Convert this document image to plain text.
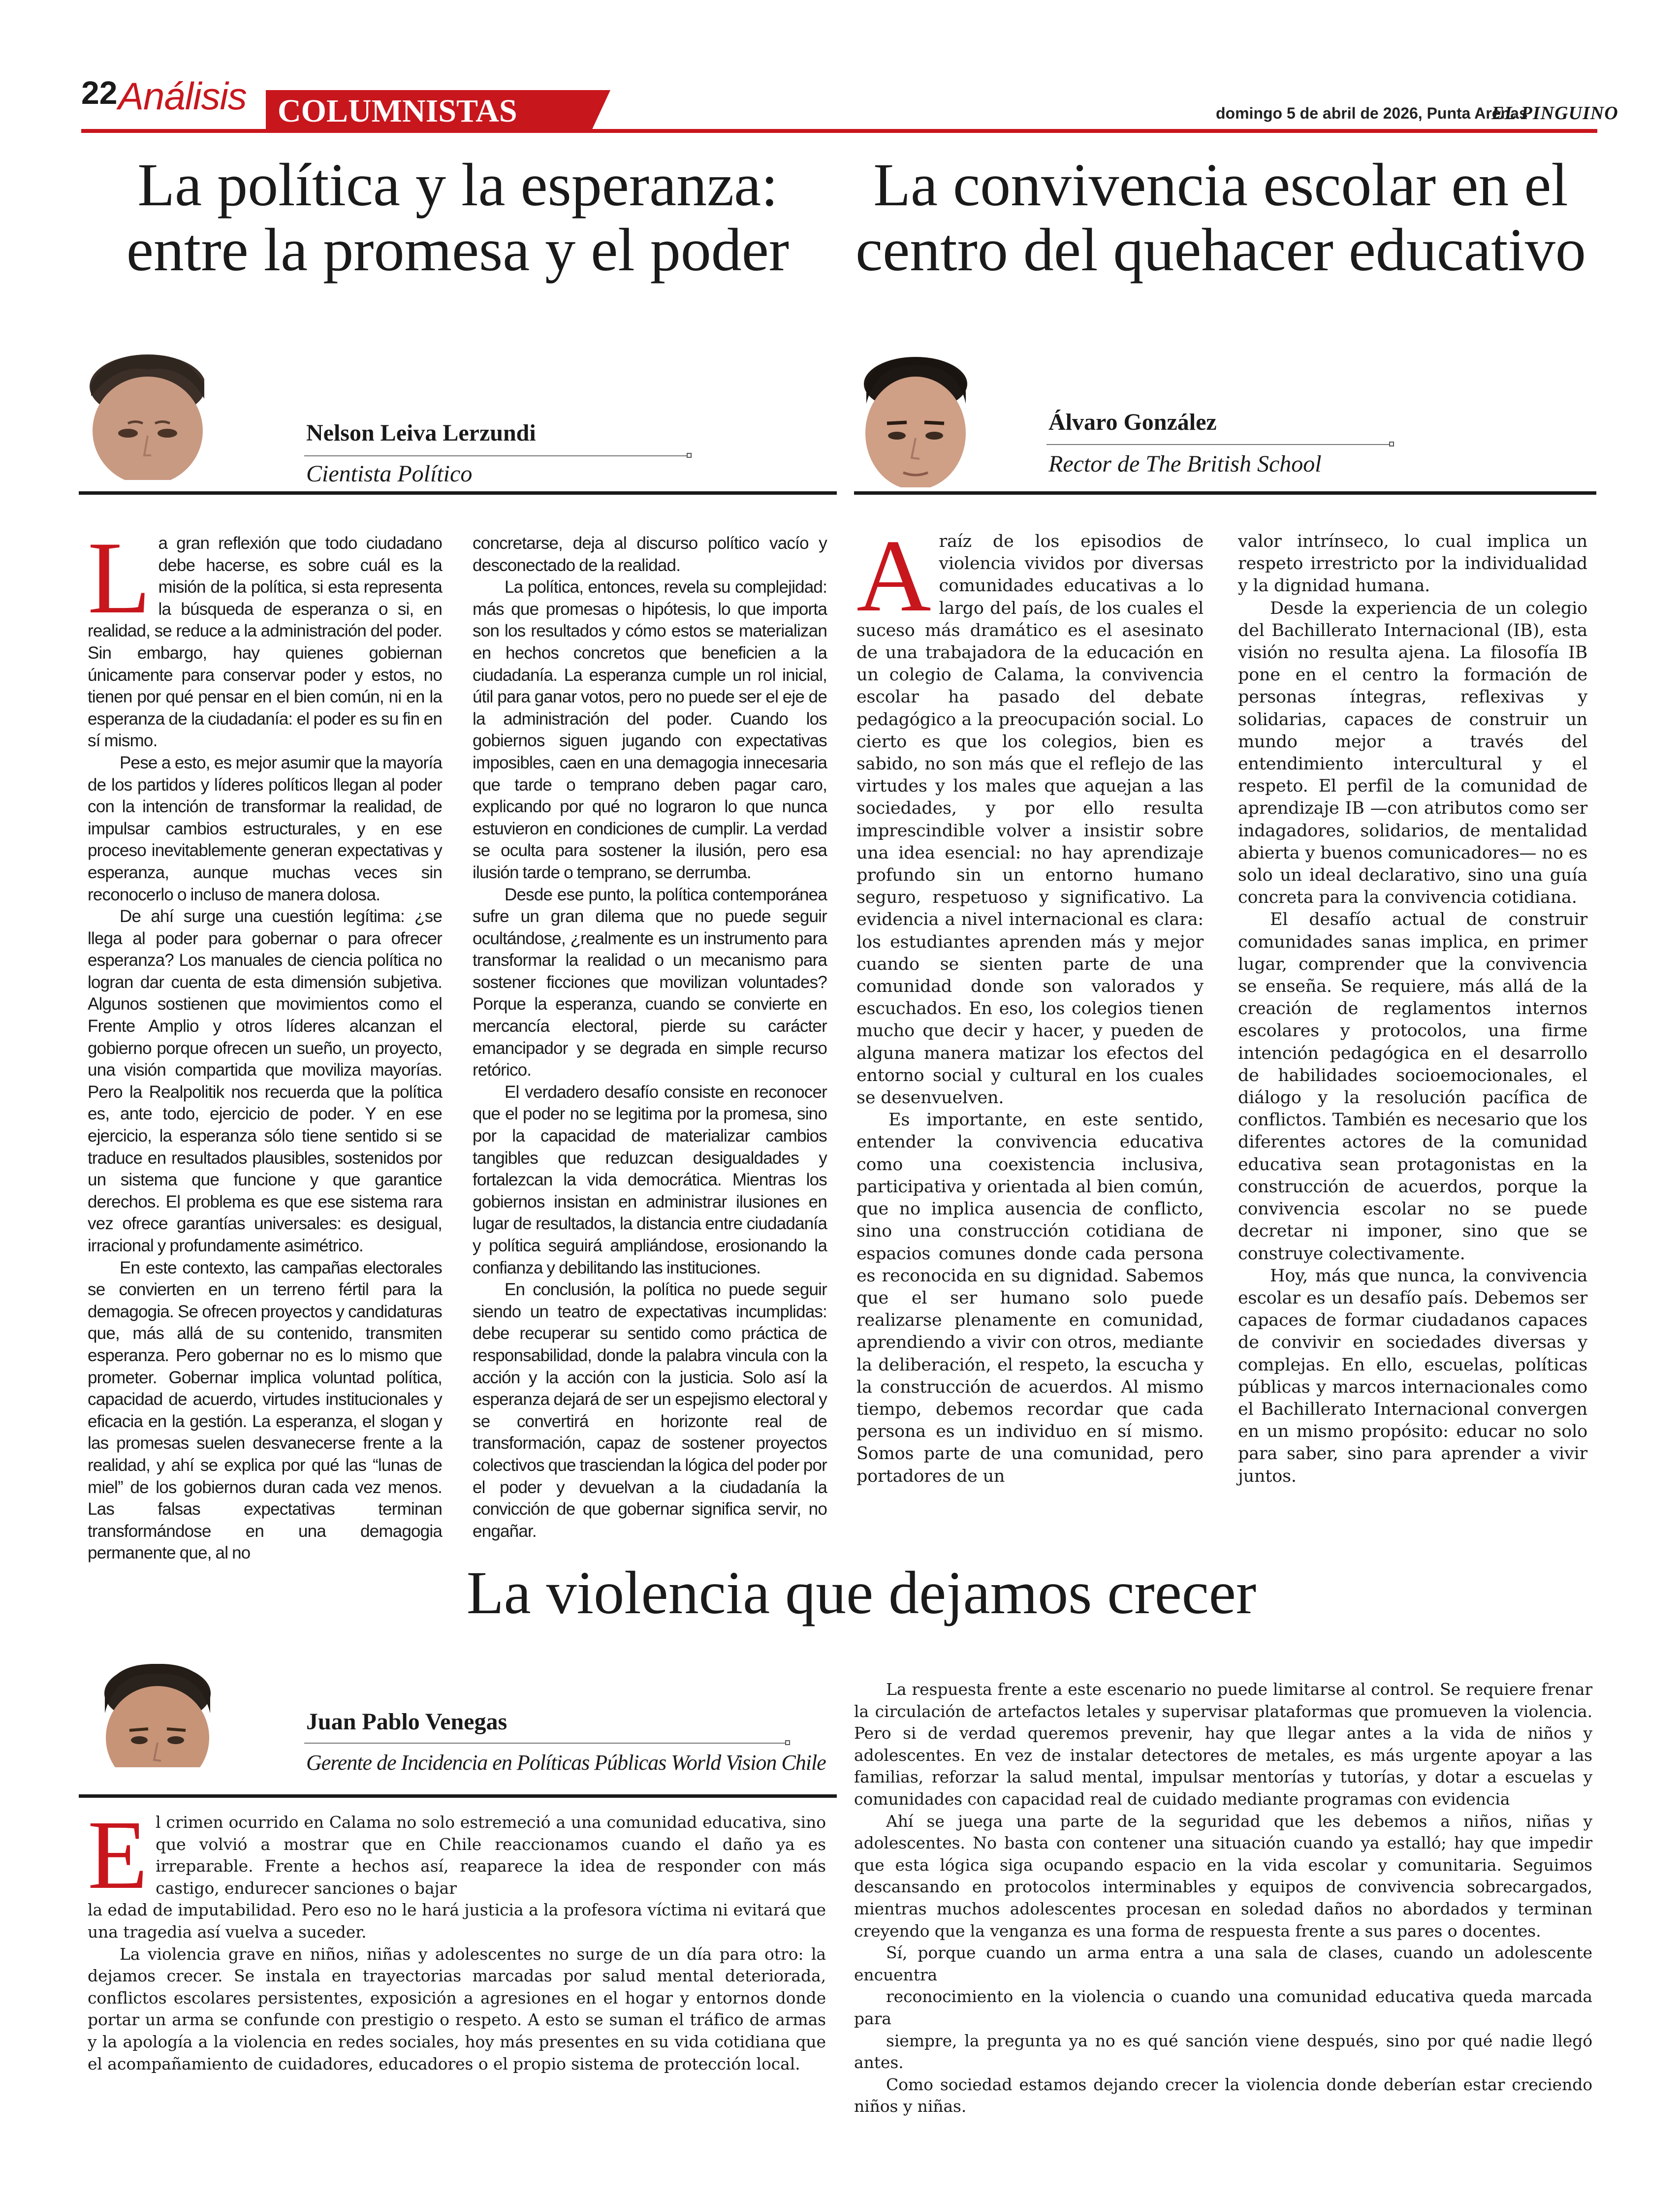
22 Análisis COLUMNISTAS	domingo 5 de abril de 2026, Punta Arenas
EL PINGUINO
La política y la esperanza: entre la promesa y el poder
Nelson Leiva Lerzundi
Cientista Político

La gran reflexión que todo ciudadano debe hacerse, es sobre cuál es la misión de la política, si esta representa la búsqueda de esperanza o si, en realidad, se reduce a la administración del poder. Sin embargo, hay quienes gobiernan únicamente para conservar poder y estos, no tienen por qué pensar en el bien común, ni en la esperanza de la ciudadanía: el poder es su fin en sí mismo.

Pese a esto, es mejor asumir que la mayoría de los partidos y líderes políticos llegan al poder con la intención de transformar la realidad, de impulsar cambios estructurales, y en ese proceso inevitablemente generan expectativas y esperanza, aunque muchas veces sin reconocerlo o incluso de manera dolosa.

De ahí surge una cuestión legítima: ¿se llega al poder para gobernar o para ofrecer esperanza? Los manuales de ciencia política no logran dar cuenta de esta dimensión subjetiva. Algunos sostienen que movimientos como el Frente Amplio y otros líderes alcanzan el gobierno porque ofrecen un sueño, un proyecto, una visión compartida que moviliza mayorías. Pero la Realpolitik nos recuerda que la política es, ante todo, ejercicio de poder. Y en ese ejercicio, la esperanza sólo tiene sentido si se traduce en resultados plausibles, sostenidos por un sistema que funcione y que garantice derechos. El problema es que ese sistema rara vez ofrece garantías universales: es desigual, irracional y profundamente asimétrico.

En este contexto, las campañas electorales se convierten en un terreno fértil para la demagogia. Se ofrecen proyectos y candidaturas que, más allá de su contenido, transmiten esperanza. Pero gobernar no es lo mismo que prometer. Gobernar implica voluntad política, capacidad de acuerdo, virtudes institucionales y eficacia en la gestión. La esperanza, el slogan y las promesas suelen desvanecerse frente a la realidad, y ahí se explica por qué las “lunas de miel” de los gobiernos duran cada vez menos. Las falsas expectativas terminan transformándose en una demagogia permanente que, al no

concretarse, deja al discurso político vacío y desconectado de la realidad.

La política, entonces, revela su complejidad: más que promesas o hipótesis, lo que importa son los resultados y cómo estos se materializan en hechos concretos que beneficien a la ciudadanía. La esperanza cumple un rol inicial, útil para ganar votos, pero no puede ser el eje de la administración del poder. Cuando los gobiernos siguen jugando con expectativas imposibles, caen en una demagogia innecesaria que tarde o temprano deben pagar caro, explicando por qué no lograron lo que nunca estuvieron en condiciones de cumplir. La verdad se oculta para sostener la ilusión, pero esa ilusión tarde o temprano, se derrumba.

Desde ese punto, la política contemporánea sufre un gran dilema que no puede seguir ocultándose, ¿realmente es un instrumento para transformar la realidad o un mecanismo para sostener ficciones que movilizan voluntades? Porque la esperanza, cuando se convierte en mercancía electoral, pierde su carácter emancipador y se degrada en simple recurso retórico.

El verdadero desafío consiste en reconocer que el poder no se legitima por la promesa, sino por la capacidad de materializar cambios tangibles que reduzcan desigualdades y fortalezcan la vida democrática. Mientras los gobiernos insistan en administrar ilusiones en lugar de resultados, la distancia entre ciudadanía y política seguirá ampliándose, erosionando la confianza y debilitando las instituciones.

En conclusión, la política no puede seguir siendo un teatro de expectativas incumplidas: debe recuperar su sentido como práctica de responsabilidad, donde la palabra vincula con la acción y la acción con la justicia. Solo así la esperanza dejará de ser un espejismo electoral y se convertirá en horizonte real de transformación, capaz de sostener proyectos colectivos que trasciendan la lógica del poder por el poder y devuelvan a la ciudadanía la convicción de que gobernar significa servir, no engañar.

La convivencia escolar en el centro del quehacer educativo
Álvaro González
Rector de The British School

Araíz de los episodios de violencia vividos por diversas comunidades educativas a lo largo del país, de los cuales el suceso más dramático es el asesinato de una trabajadora de la educación en un colegio de Calama, la convivencia escolar ha pasado del debate pedagógico a la preocupación social. Lo cierto es que los colegios, bien es sabido, no son más que el reflejo de las virtudes y los males que aquejan a las sociedades, y por ello resulta imprescindible volver a insistir sobre una idea esencial: no hay aprendizaje profundo sin un entorno humano seguro, respetuoso y significativo. La evidencia a nivel internacional es clara: los estudiantes aprenden más y mejor cuando se sienten parte de una comunidad donde son valorados y escuchados. En eso, los colegios tienen mucho que decir y hacer, y pueden de alguna manera matizar los efectos del entorno social y cultural en los cuales se desenvuelven.

Es importante, en este sentido, entender la convivencia educativa como una coexistencia inclusiva, participativa y orientada al bien común, que no implica ausencia de conflicto, sino una construcción cotidiana de espacios comunes donde cada persona es reconocida en su dignidad. Sabemos que el ser humano solo puede realizarse plenamente en comunidad, aprendiendo a vivir con otros, mediante la deliberación, el respeto, la escucha y la construcción de acuerdos. Al mismo tiempo, debemos recordar que cada persona es un individuo en sí mismo. Somos parte de una comunidad, pero portadores de un

valor intrínseco, lo cual implica un respeto irrestricto por la individualidad y la dignidad humana.

Desde la experiencia de un colegio del Bachillerato Internacional (IB), esta visión no resulta ajena. La filosofía IB pone en el centro la formación de personas íntegras, reflexivas y solidarias, capaces de construir un mundo mejor a través del entendimiento intercultural y el respeto. El perfil de la comunidad de aprendizaje IB —con atributos como ser indagadores, solidarios, de mentalidad abierta y buenos comunicadores— no es solo un ideal declarativo, sino una guía concreta para la convivencia cotidiana.

El desafío actual de construir comunidades sanas implica, en primer lugar, comprender que la convivencia se enseña. Se requiere, más allá de la creación de reglamentos internos escolares y protocolos, una firme intención pedagógica en el desarrollo de habilidades socioemocionales, el diálogo y la resolución pacífica de conflictos. También es necesario que los diferentes actores de la comunidad educativa sean protagonistas en la construcción de acuerdos, porque la convivencia escolar no se puede decretar ni imponer, sino que se construye colectivamente.

Hoy, más que nunca, la convivencia escolar es un desafío país. Debemos ser capaces de formar ciudadanos capaces de convivir en sociedades diversas y complejas. En ello, escuelas, políticas públicas y marcos internacionales como el Bachillerato Internacional convergen en un mismo propósito: educar no solo para saber, sino para aprender a vivir juntos.

La violencia que dejamos crecer
Juan Pablo Venegas
Gerente de Incidencia en Políticas Públicas World Vision Chile

El crimen ocurrido en Calama no solo estremeció a una comunidad educativa, sino que volvió a mostrar que en Chile reaccionamos cuando el daño ya es irreparable. Frente a hechos así, reaparece la idea de responder con más castigo, endurecer sanciones o bajar

la edad de imputabilidad. Pero eso no le hará justicia a la profesora víctima ni evitará que una tragedia así vuelva a suceder.

La violencia grave en niños, niñas y adolescentes no surge de un día para otro: la dejamos crecer. Se instala en trayectorias marcadas por salud mental deteriorada, conflictos escolares persistentes, exposición a agresiones en el hogar y entornos donde portar un arma se confunde con prestigio o respeto. A esto se suman el tráfico de armas y la apología a la violencia en redes sociales, hoy más presentes en su vida cotidiana que el acompañamiento de cuidadores, educadores o el propio sistema de protección local.

La respuesta frente a este escenario no puede limitarse al control. Se requiere frenar la circulación de artefactos letales y supervisar plataformas que promueven la violencia. Pero si de verdad queremos prevenir, hay que llegar antes a la vida de niños y adolescentes. En vez de instalar detectores de metales, es más urgente apoyar a las familias, reforzar la salud mental, impulsar mentorías y tutorías, y dotar a escuelas y comunidades con capacidad real de cuidado mediante programas con evidencia

Ahí se juega una parte de la seguridad que les debemos a niños, niñas y adolescentes. No basta con contener una situación cuando ya estalló; hay que impedir que esta lógica siga ocupando espacio en la vida escolar y comunitaria. Seguimos descansando en protocolos interminables y equipos de convivencia sobrecargados, mientras muchos adolescentes procesan en soledad daños no abordados y terminan creyendo que la venganza es una forma de respuesta frente a sus pares o docentes.

Sí, porque cuando un arma entra a una sala de clases, cuando un adolescente encuentra

reconocimiento en la violencia o cuando una comunidad educativa queda marcada para

siempre, la pregunta ya no es qué sanción viene después, sino por qué nadie llegó antes.

Como sociedad estamos dejando crecer la violencia donde deberían estar creciendo niños y niñas.
